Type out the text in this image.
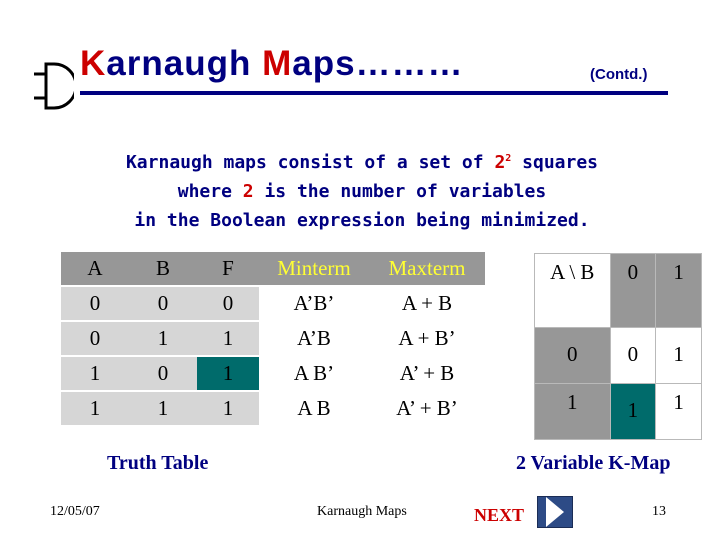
Karnaugh Maps………	(Contd.)
Karnaugh maps consist of a set of $2^2$ squares
where 2 is the number of variables
in the Boolean expression being minimized.
A	B	F	Minterm	Maxterm
0	0	0	A’B’	A + B
0	1	1	A’B	A + B’
1	0	1	A B’	A’ + B
1	1	1	A B	A’ + B’
A \ B	0	1
0	0	1
1	1	1
Truth Table	2 Variable K-Map
12/05/07	Karnaugh Maps	NEXT	13
